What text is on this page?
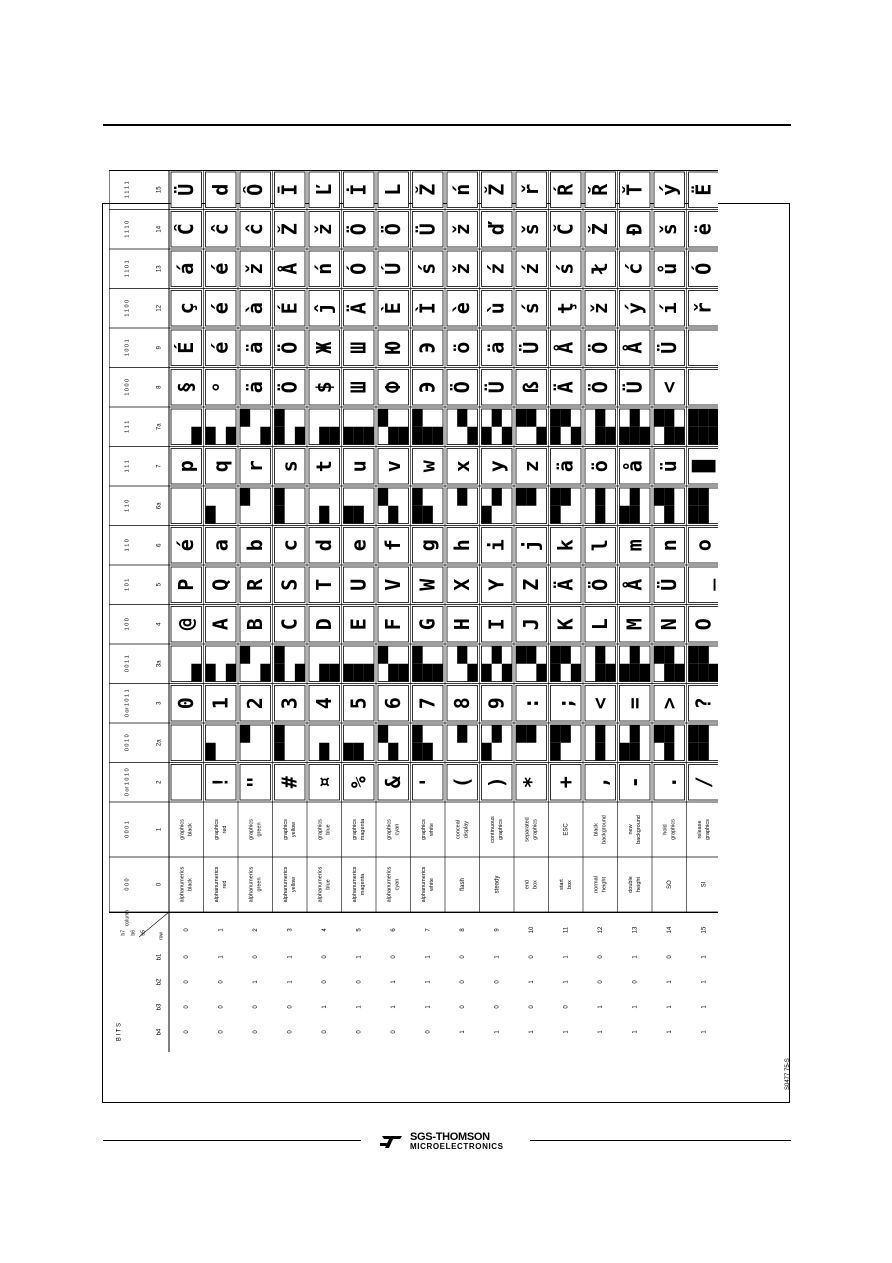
0
1
2
2a
3
3a
4
5
6
6a
7
7a
8
9
12
13
14
15
0 0 0
0 0 0 1
0 or 1 0 1 0
0 0 1 0
0 or 1 0 1 1
0 0 1 1
1 0 0
1 0 1
1 1 0
1 1 0
1 1 1
1 1 1
1 0 0 0
1 0 0 1
1 1 0 0
1 1 0 1
1 1 1 0
1 1 1 1
column
row
B I T S	b4
b3
b2
b1
b7 b6 b5
0
0
0
0
0
alphanumerics black
graphics black
0
@
P
é
p
§
É
ç
á
Ĉ
Ü
0
0
0
1
1
alphanumerics red
graphics red
!
1
A
Q
a
q
°
é
é
é
ĉ
d
0
0
1
0
2
alphanumerics green
graphics green
"
2
B
R
b
r
ä
ä
à
ž
ĉ
Ô
0
0
1
1
3
alphanumerics yellow
graphics yellow
#
3
C
S
c
s
Ö
Ö
É
Å
Ž
Ī
0
1
0
0
4
alphanumerics blue
graphics blue
¤
4
D
T
d
t
$
Ж
ĵ
ń
ž
Ľ
0
1
0
1
5
alphanumerics magenta
graphics magenta
%
5
E
U
e
u
Ш
Ш
Ä
Ó
Ö
İ
0
1
1
0
6
alphanumerics cyan
graphics cyan
&
6
F
V
f
v
Ф
Ю
È
Ú
Ö
L
0
1
1
1
7
alphanumerics white
graphics white
'
7
G
W
g
w
Э
Э
Ì
ś
Ü
Ž
1
0
0
0
8
flash
conceal display
(
8
H
X
h
x
Ö
ö
è
ž
ž
ń
1
0
0
1
9
steady
continuous graphics
)
9
I
Y
i
y
Ü
ä
ù
ź
ď
Ž
1
0
1
0
10
end box
separated graphics
*
:
J
Z
j
z
ß
Ü
ś
ź
š
ř
1
0
1
1
11
start box
ESC
+
;
K
Ä
k
ä
Ä
Å
ţ
ś
Č
Ŕ
1
1
0
0
12
normal height
black background
,
<
L
Ö
l
ö
Ö
Ö
ž
ł
Ž
Ř
1
1
0
1
13
double height
new background
-
=
M
Å
m
å
Ü
Å
ý
ć
Đ
Ť
1
1
1
0
14
SO
hold graphics
.
>
N
Ü
n
ü
<
Ü
í
ů
š
ý
1
1
1
1
15
SI
release graphics
/
?
O
_
o
█
ř
Ó
ë
Ë
S0477 75-S
SGS-THOMSON
MICROELECTRONICS
